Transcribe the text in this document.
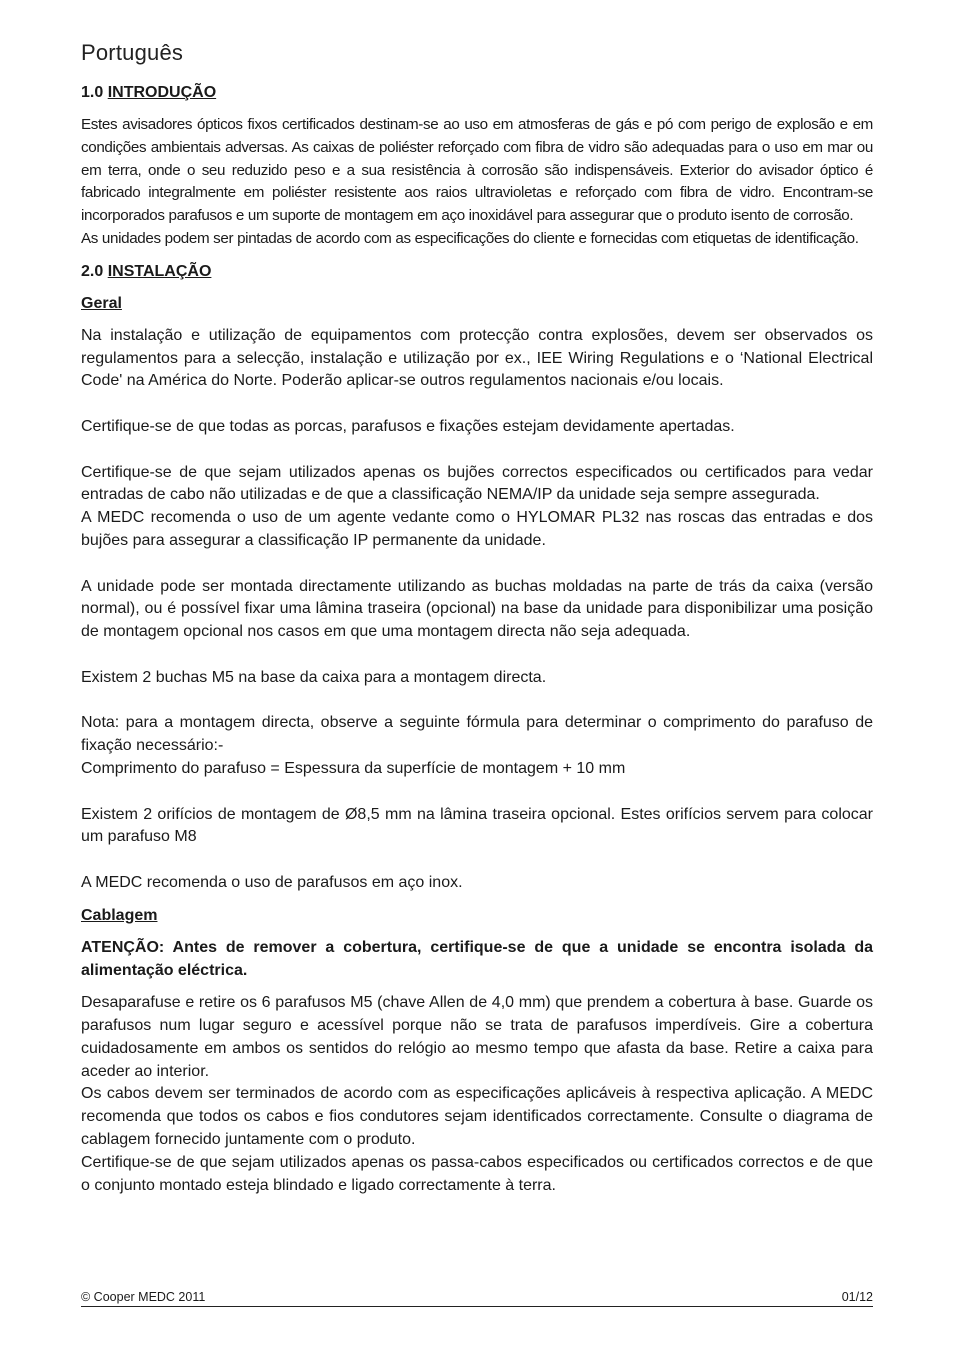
Português
1.0 INTRODUÇÃO

Estes avisadores ópticos fixos certificados destinam-se ao uso em atmosferas de gás e pó com perigo de explosão e em condições ambientais adversas. As caixas de poliéster reforçado com fibra de vidro são adequadas para o uso em mar ou em terra, onde o seu reduzido peso e a sua resistência à corrosão são indispensáveis. Exterior do avisador óptico é fabricado integralmente em poliéster resistente aos raios ultravioletas e reforçado com fibra de vidro. Encontram-se incorporados parafusos e um suporte de montagem em aço inoxidável para assegurar que o produto isento de corrosão.

As unidades podem ser pintadas de acordo com as especificações do cliente e fornecidas com etiquetas de identificação.

2.0 INSTALAÇÃO
Geral

Na instalação e utilização de equipamentos com protecção contra explosões, devem ser observados os regulamentos para a selecção, instalação e utilização por ex., IEE Wiring Regulations e o ‘National Electrical Code' na América do Norte. Poderão aplicar-se outros regulamentos nacionais e/ou locais.

Certifique-se de que todas as porcas, parafusos e fixações estejam devidamente apertadas.

Certifique-se de que sejam utilizados apenas os bujões correctos especificados ou certificados para vedar entradas de cabo não utilizadas e de que a classificação NEMA/IP da unidade seja sempre assegurada.

A MEDC recomenda o uso de um agente vedante como o HYLOMAR PL32 nas roscas das entradas e dos bujões para assegurar a classificação IP permanente da unidade.

A unidade pode ser montada directamente utilizando as buchas moldadas na parte de trás da caixa (versão normal), ou é possível fixar uma lâmina traseira (opcional) na base da unidade para disponibilizar uma posição de montagem opcional nos casos em que uma montagem directa não seja adequada.

Existem 2 buchas M5 na base da caixa para a montagem directa.

Nota: para a montagem directa, observe a seguinte fórmula para determinar o comprimento do parafuso de fixação necessário:-

Comprimento do parafuso = Espessura da superfície de montagem + 10 mm

Existem 2 orifícios de montagem de Ø8,5 mm na lâmina traseira opcional. Estes orifícios servem para colocar um parafuso M8

A MEDC recomenda o uso de parafusos em aço inox.

Cablagem

ATENÇÃO: Antes de remover a cobertura, certifique-se de que a unidade se encontra isolada da alimentação eléctrica.

Desaparafuse e retire os 6 parafusos M5 (chave Allen de 4,0 mm) que prendem a cobertura à base. Guarde os parafusos num lugar seguro e acessível porque não se trata de parafusos imperdíveis. Gire a cobertura cuidadosamente em ambos os sentidos do relógio ao mesmo tempo que afasta da base. Retire a caixa para aceder ao interior.

Os cabos devem ser terminados de acordo com as especificações aplicáveis à respectiva aplicação. A MEDC recomenda que todos os cabos e fios condutores sejam identificados correctamente. Consulte o diagrama de cablagem fornecido juntamente com o produto.

Certifique-se de que sejam utilizados apenas os passa-cabos especificados ou certificados correctos e de que o conjunto montado esteja blindado e ligado correctamente à terra.

© Cooper MEDC 2011	01/12
